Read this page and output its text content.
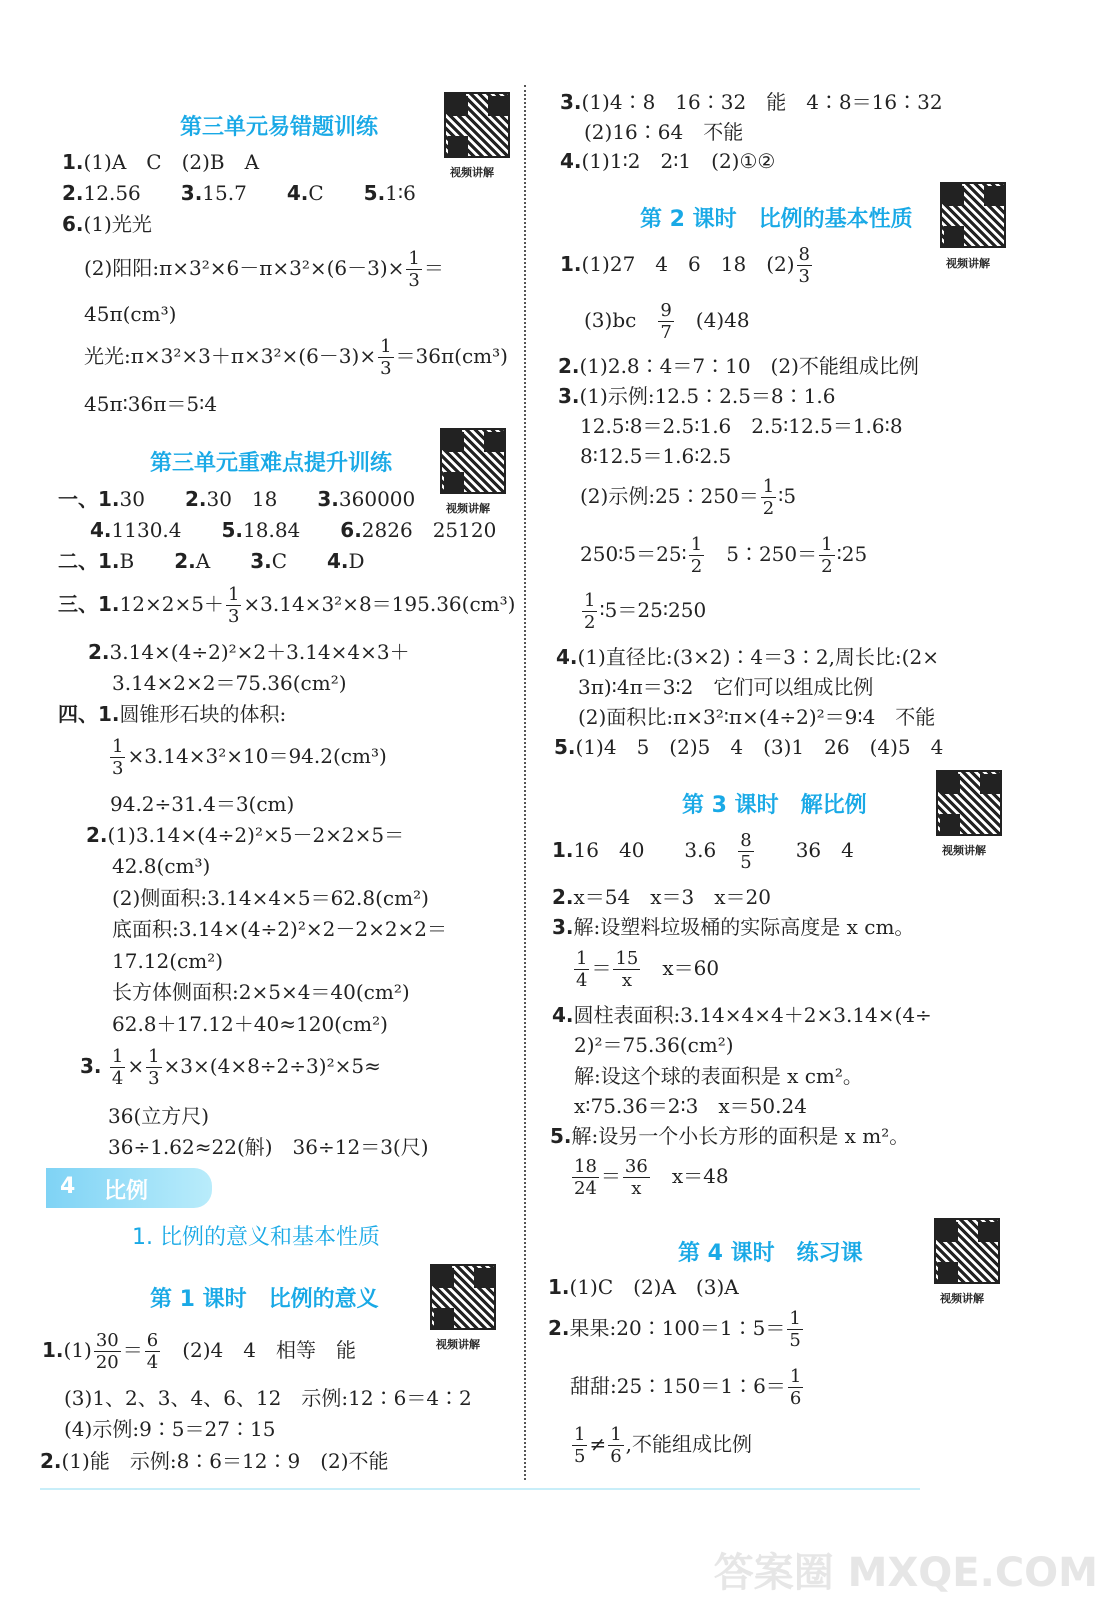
第三单元易错题训练
视频讲解
1.(1)A　C　(2)B　A
2.12.56　　3.15.7　　4.C　　5.1∶6
6.(1)光光
(2)阳阳:π×3²×6－π×3²×(6－3)× $\frac{1}{3}$ ＝
45π(cm³)
光光:π×3²×3＋π×3²×(6－3)× $\frac{1}{3} =36\pi(cm^3)$
45π∶36π＝5∶4
第三单元重难点提升训练
视频讲解
一、1.30　　2.30　18　　3.360000
4.1130.4　　5.18.84　　6.2826　25120
二、1.B　　2.A　　3.C　　4.D
三、$1.12\times 2\times 5+ \frac{1}{3} \times 3.14\times 3^2\times 8=195.36(cm^3)$
2.3.14×(4÷2)²×2＋3.14×4×3＋
3.14×2×2＝75.36(cm²)
四、1.圆锥形石块的体积:
$\frac{1}{3} \times 3.14\times 3^2\times 10=94.2(cm^3)$
94.2÷31.4＝3(cm)
2.(1)3.14×(4÷2)²×5－2×2×5＝
42.8(cm³)
(2)侧面积:3.14×4×5＝62.8(cm²)
底面积:3.14×(4÷2)²×2－2×2×2＝
17.12(cm²)
长方体侧面积:2×5×4＝40(cm²)
62.8＋17.12＋40≈120(cm²)
3. $\frac{1}{4} \times \frac{1}{3} \times 3\times(4\times 8\div 2\div 3)^2\times 5\approx$
36(立方尺)
36÷1.62≈22(斛)　36÷12＝3(尺)
4 比例
1. 比例的意义和基本性质
第 1 课时　比例的意义
视频讲解
$1.(1) \frac{30}{20} = \frac{6}{4}$
　 (2)4　4　相等　能
(3)1、2、3、4、6、12　示例:12∶6＝4∶2
(4)示例:9∶5＝27∶15
2.(1)能　示例:8∶6＝12∶9　(2)不能
3.(1)4∶8　16∶32　能　4∶8＝16∶32
(2)16∶64　不能
4.(1)1∶2　2∶1　(2)①②
第 2 课时　比例的基本性质
视频讲解
1.(1)27　4　6　18　$(2) \frac{8}{3}$
(3)bc　 $\frac{9}{7}$
　 (4)48
2.(1)2.8∶4＝7∶10　(2)不能组成比例
3.(1)示例:12.5∶2.5＝8∶1.6
12.5∶8＝2.5∶1.6　2.5∶12.5＝1.6∶8
8∶12.5＝1.6∶2.5
(2)示例:25∶250＝ $\frac{1}{2}$ ∶5
250∶5＝25∶ $\frac{1}{2}$ 　5∶250＝ $\frac{1}{2}$ ∶25
$\frac{1}{2}$ ∶5＝25∶250
4.(1)直径比:(3×2)∶4＝3∶2,周长比:(2×
3π)∶4π＝3∶2　它们可以组成比例
(2)面积比:π×3²∶π×(4÷2)²＝9∶4　不能
5.(1)4　5　(2)5　4　(3)1　26　(4)5　4
第 3 课时　解比例
视频讲解
1.16　40　　3.6　 $\frac{8}{5}$
　　 36　4
2.x＝54　x＝3　x＝20
3.解:设塑料垃圾桶的实际高度是 x cm。
$\frac{1}{4} = \frac{15}{x}$
　 x＝60
4.圆柱表面积:3.14×4×4＋2×3.14×(4÷
2)²＝75.36(cm²)
解:设这个球的表面积是 x cm²。
x∶75.36＝2∶3　x＝50.24
5.解:设另一个小长方形的面积是 x m²。
$\frac{18}{24} = \frac{36}{x}$
　 x＝48
第 4 课时　练习课
视频讲解
1.(1)C　(2)A　(3)A
2.果果:20∶100＝1∶5＝ $\frac{1}{5}$
甜甜:25∶150＝1∶6＝ $\frac{1}{6}$
$\frac{1}{5} \ne \frac{1}{6}$ ,不能组成比例
答案圈 MXQE.COM
